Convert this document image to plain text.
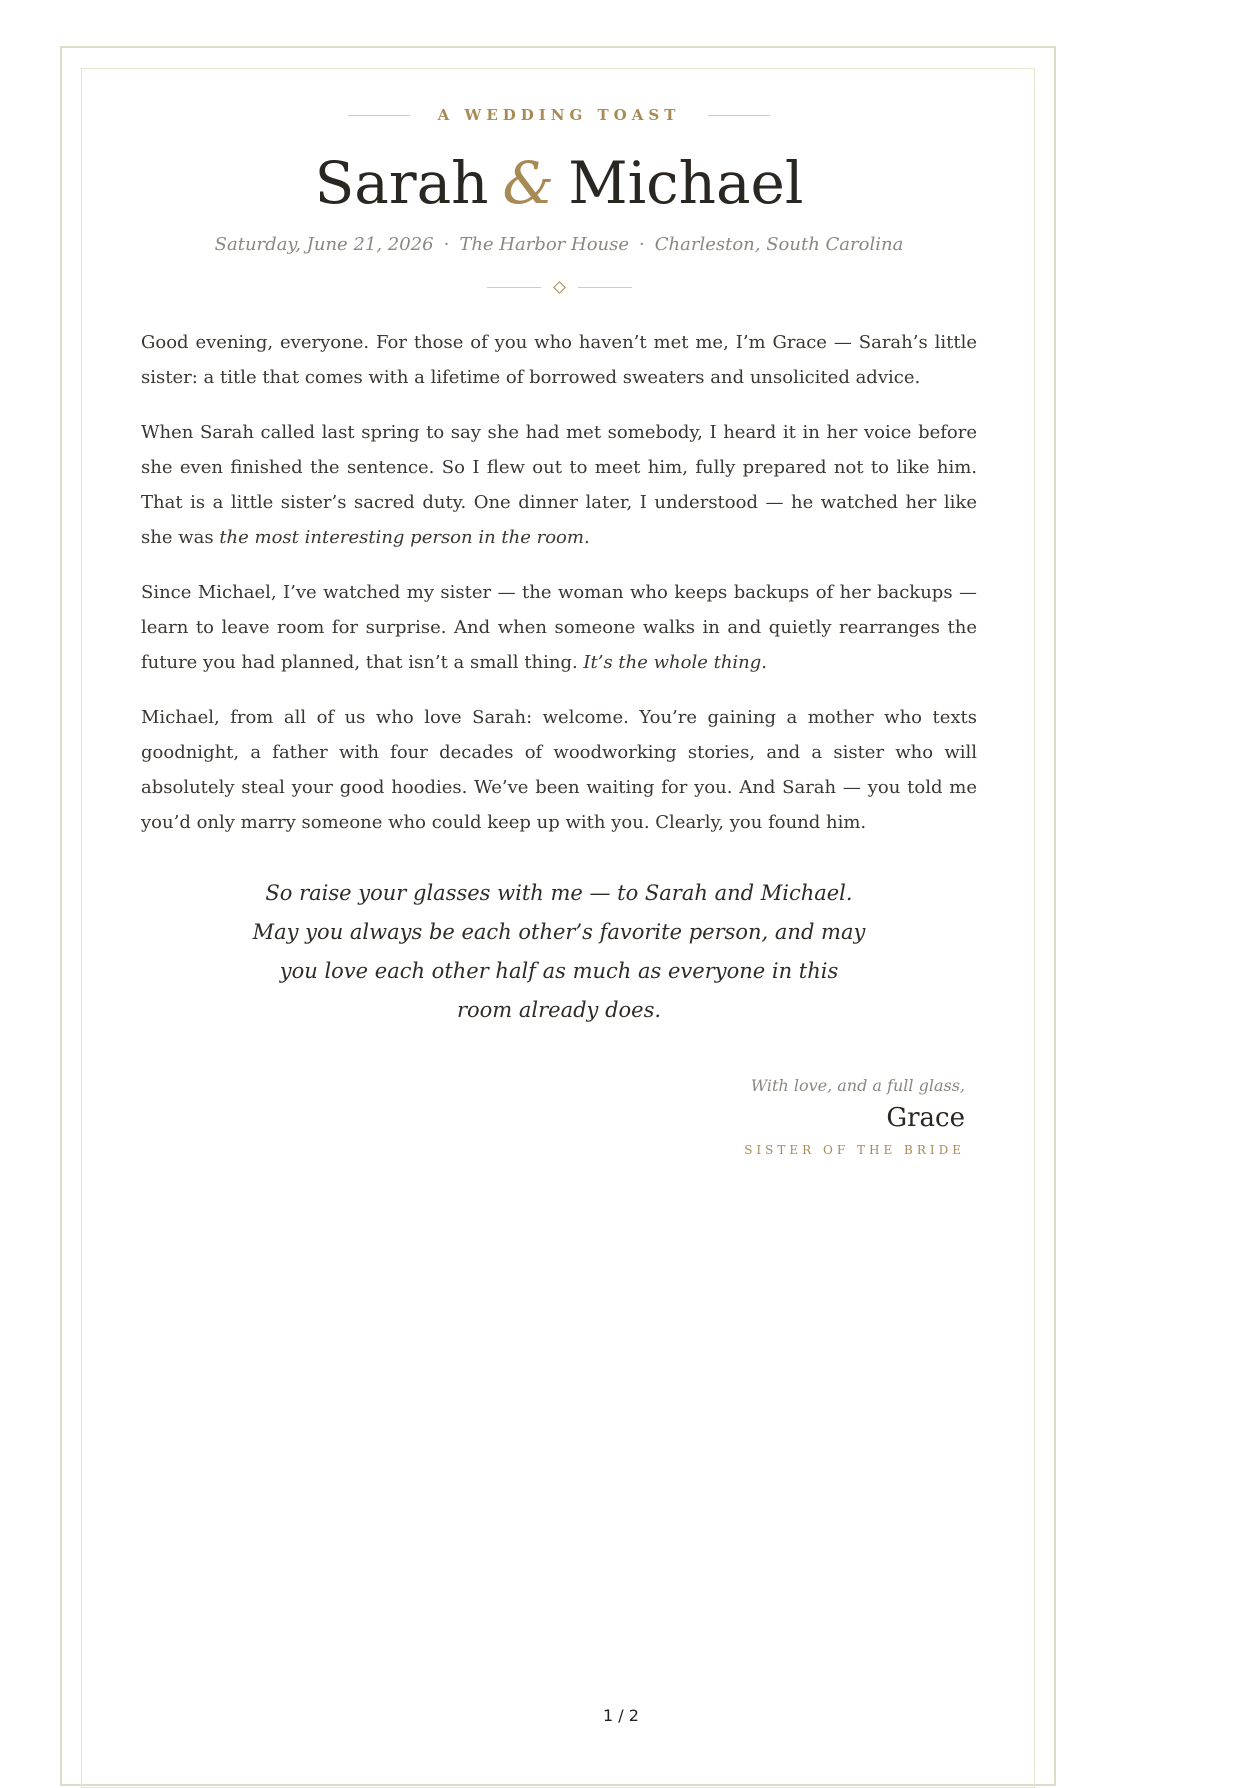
A WEDDING TOAST
Sarah & Michael
Saturday, June 21, 2026 · The Harbor House · Charleston, South Carolina

Good evening, everyone. For those of you who haven’t met me, I’m Grace — Sarah’s little sister: a title that comes with a lifetime of borrowed sweaters and unsolicited advice.

When Sarah called last spring to say she had met somebody, I heard it in her voice before she even finished the sentence. So I flew out to meet him, fully prepared not to like him. That is a little sister’s sacred duty. One dinner later, I understood — he watched her like she was the most interesting person in the room.

Since Michael, I’ve watched my sister — the woman who keeps backups of her backups — learn to leave room for surprise. And when someone walks in and quietly rearranges the future you had planned, that isn’t a small thing. It’s the whole thing.

Michael, from all of us who love Sarah: welcome. You’re gaining a mother who texts goodnight, a father with four decades of woodworking stories, and a sister who will absolutely steal your good hoodies. We’ve been waiting for you. And Sarah — you told me you’d only marry someone who could keep up with you. Clearly, you found him.

So raise your glasses with me — to Sarah and Michael. May you always be each other’s favorite person, and may you love each other half as much as everyone in this room already does.
With love, and a full glass,
Grace
SISTER OF THE BRIDE
1 / 2
